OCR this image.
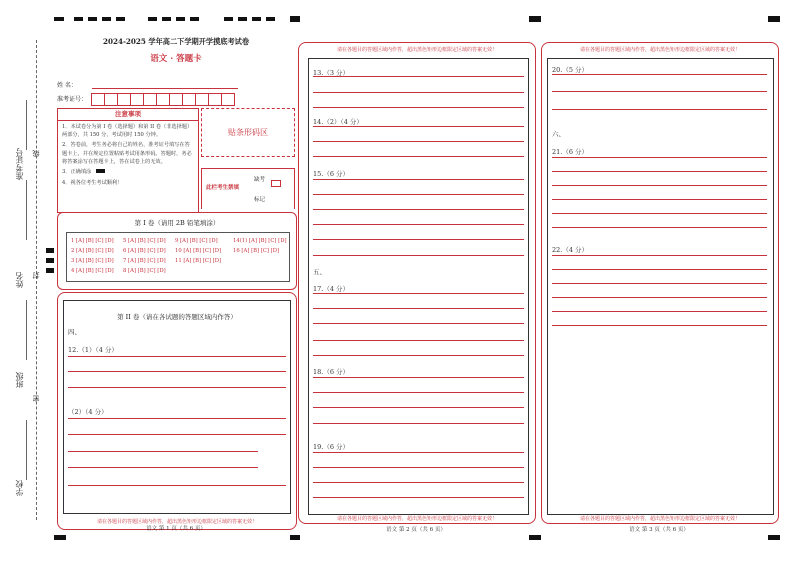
准考证号 线
姓名 封
班级
密
学校
2024-2025 学年高二下学期开学摸底考试卷
语文 · 答题卡
姓 名：
准考证号：
注意事项
1．本试卷分为第 I 卷（选择题）和第 II 卷（非选择题）两部分，共 150 分，考试用时 150 分钟。
2．答卷前，考生务必将自己的姓名、准考证号填写在答题卡上，并在规定位置粘贴考试用条形码。答题时，务必将答案涂写在答题卡上，答在试卷上的无效。
3．正确填涂
4．视各位考生考试顺利！
贴条形码区
此栏考生禁填
缺考
标记
第 I 卷（请用 2B 铅笔填涂）
1 [A] [B] [C] [D] 5 [A] [B] [C] [D] 9 [A] [B] [C] [D]	14(1) [A] [B] [C] [D]
2 [A] [B] [C] [D] 6 [A] [B] [C] [D] 10 [A] [B] [C] [D] 16 [A] [B] [C] [D]
3 [A] [B] [C] [D] 7 [A] [B] [C] [D] 11 [A] [B] [C] [D]
4 [A] [B] [C] [D] 8 [A] [B] [C] [D]
第 II 卷（请在各试题的答题区域内作答）
四、
12.（1）（4 分）
（2）（4 分）
请在各题目的答题区域内作答，超出黑色矩形边框限定区域的答案无效！
语文 第 1 页（共 6 页）
请在各题目的答题区域内作答，超出黑色矩形边框限定区域的答案无效！
13.（3 分）
14.（2）（4 分）
15.（6 分）
五、
17.（4 分）
18.（6 分）
19.（6 分）
请在各题目的答题区域内作答，超出黑色矩形边框限定区域的答案无效！
语文 第 2 页（共 6 页）
请在各题目的答题区域内作答，超出黑色矩形边框限定区域的答案无效！
20.（5 分）
六、
21.（6 分）
22.（4 分）
请在各题目的答题区域内作答，超出黑色矩形边框限定区域的答案无效！
语文 第 3 页（共 6 页）
